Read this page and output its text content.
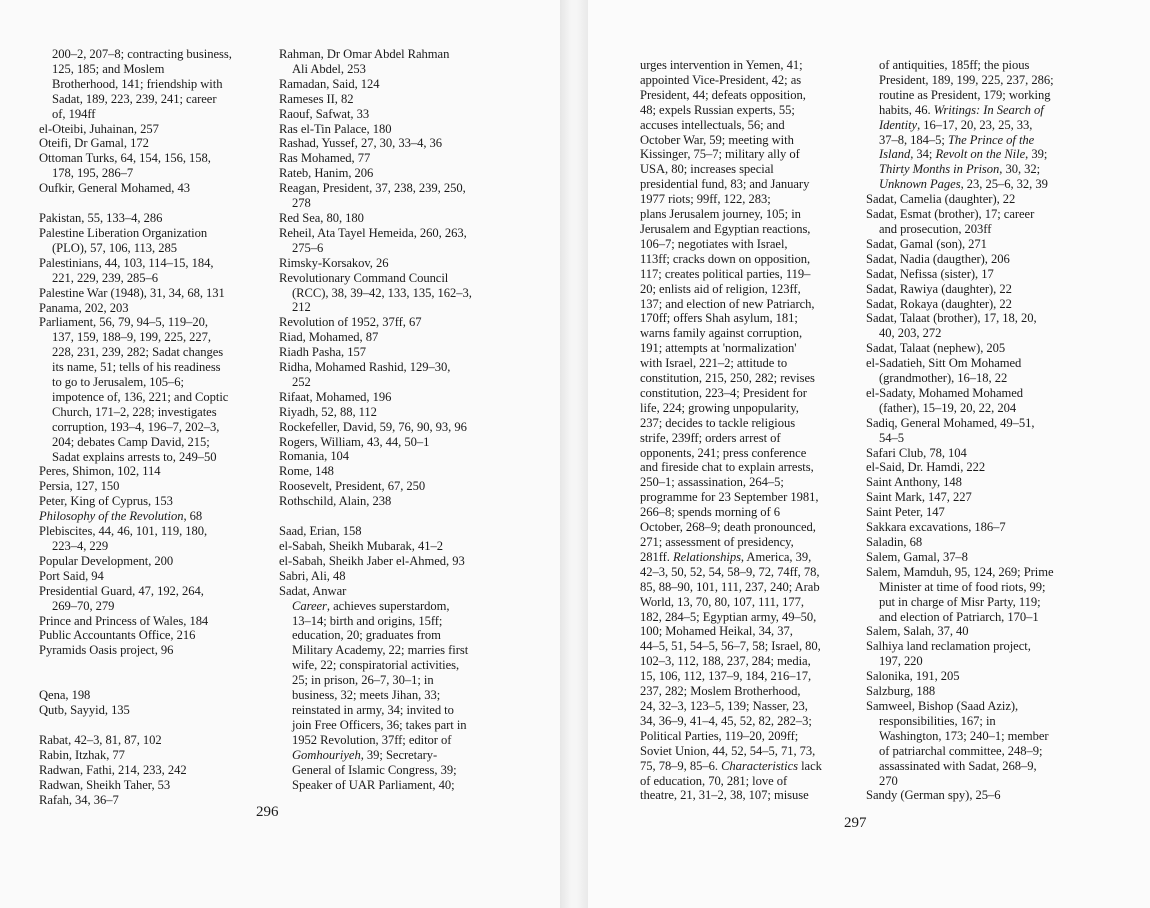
200–2, 207–8; contracting business,
125, 185; and Moslem
Brotherhood, 141; friendship with
Sadat, 189, 223, 239, 241; career
of, 194ff
el-Oteibi, Juhainan, 257
Oteifi, Dr Gamal, 172
Ottoman Turks, 64, 154, 156, 158,
178, 195, 286–7
Oufkir, General Mohamed, 43
Pakistan, 55, 133–4, 286
Palestine Liberation Organization
(PLO), 57, 106, 113, 285
Palestinians, 44, 103, 114–15, 184,
221, 229, 239, 285–6
Palestine War (1948), 31, 34, 68, 131
Panama, 202, 203
Parliament, 56, 79, 94–5, 119–20,
137, 159, 188–9, 199, 225, 227,
228, 231, 239, 282; Sadat changes
its name, 51; tells of his readiness
to go to Jerusalem, 105–6;
impotence of, 136, 221; and Coptic
Church, 171–2, 228; investigates
corruption, 193–4, 196–7, 202–3,
204; debates Camp David, 215;
Sadat explains arrests to, 249–50
Peres, Shimon, 102, 114
Persia, 127, 150
Peter, King of Cyprus, 153
Philosophy of the Revolution, 68
Plebiscites, 44, 46, 101, 119, 180,
223–4, 229
Popular Development, 200
Port Said, 94
Presidential Guard, 47, 192, 264,
269–70, 279
Prince and Princess of Wales, 184
Public Accountants Office, 216
Pyramids Oasis project, 96
Qena, 198
Qutb, Sayyid, 135
Rabat, 42–3, 81, 87, 102
Rabin, Itzhak, 77
Radwan, Fathi, 214, 233, 242
Radwan, Sheikh Taher, 53
Rafah, 34, 36–7
Rahman, Dr Omar Abdel Rahman
Ali Abdel, 253
Ramadan, Said, 124
Rameses II, 82
Raouf, Safwat, 33
Ras el-Tin Palace, 180
Rashad, Yussef, 27, 30, 33–4, 36
Ras Mohamed, 77
Rateb, Hanim, 206
Reagan, President, 37, 238, 239, 250,
278
Red Sea, 80, 180
Reheil, Ata Tayel Hemeida, 260, 263,
275–6
Rimsky-Korsakov, 26
Revolutionary Command Council
(RCC), 38, 39–42, 133, 135, 162–3,
212
Revolution of 1952, 37ff, 67
Riad, Mohamed, 87
Riadh Pasha, 157
Ridha, Mohamed Rashid, 129–30,
252
Rifaat, Mohamed, 196
Riyadh, 52, 88, 112
Rockefeller, David, 59, 76, 90, 93, 96
Rogers, William, 43, 44, 50–1
Romania, 104
Rome, 148
Roosevelt, President, 67, 250
Rothschild, Alain, 238
Saad, Erian, 158
el-Sabah, Sheikh Mubarak, 41–2
el-Sabah, Sheikh Jaber el-Ahmed, 93
Sabri, Ali, 48
Sadat, Anwar
Career, achieves superstardom,
13–14; birth and origins, 15ff;
education, 20; graduates from
Military Academy, 22; marries first
wife, 22; conspiratorial activities,
25; in prison, 26–7, 30–1; in
business, 32; meets Jihan, 33;
reinstated in army, 34; invited to
join Free Officers, 36; takes part in
1952 Revolution, 37ff; editor of
Gomhouriyeh, 39; Secretary-
General of Islamic Congress, 39;
Speaker of UAR Parliament, 40;
296
urges intervention in Yemen, 41;
appointed Vice-President, 42; as
President, 44; defeats opposition,
48; expels Russian experts, 55;
accuses intellectuals, 56; and
October War, 59; meeting with
Kissinger, 75–7; military ally of
USA, 80; increases special
presidential fund, 83; and January
1977 riots; 99ff, 122, 283;
plans Jerusalem journey, 105; in
Jerusalem and Egyptian reactions,
106–7; negotiates with Israel,
113ff; cracks down on opposition,
117; creates political parties, 119–
20; enlists aid of religion, 123ff,
137; and election of new Patriarch,
170ff; offers Shah asylum, 181;
warns family against corruption,
191; attempts at 'normalization'
with Israel, 221–2; attitude to
constitution, 215, 250, 282; revises
constitution, 223–4; President for
life, 224; growing unpopularity,
237; decides to tackle religious
strife, 239ff; orders arrest of
opponents, 241; press conference
and fireside chat to explain arrests,
250–1; assassination, 264–5;
programme for 23 September 1981,
266–8; spends morning of 6
October, 268–9; death pronounced,
271; assessment of presidency,
281ff. Relationships, America, 39,
42–3, 50, 52, 54, 58–9, 72, 74ff, 78,
85, 88–90, 101, 111, 237, 240; Arab
World, 13, 70, 80, 107, 111, 177,
182, 284–5; Egyptian army, 49–50,
100; Mohamed Heikal, 34, 37,
44–5, 51, 54–5, 56–7, 58; Israel, 80,
102–3, 112, 188, 237, 284; media,
15, 106, 112, 137–9, 184, 216–17,
237, 282; Moslem Brotherhood,
24, 32–3, 123–5, 139; Nasser, 23,
34, 36–9, 41–4, 45, 52, 82, 282–3;
Political Parties, 119–20, 209ff;
Soviet Union, 44, 52, 54–5, 71, 73,
75, 78–9, 85–6. Characteristics lack
of education, 70, 281; love of
theatre, 21, 31–2, 38, 107; misuse
of antiquities, 185ff; the pious
President, 189, 199, 225, 237, 286;
routine as President, 179; working
habits, 46. Writings: In Search of
Identity, 16–17, 20, 23, 25, 33,
37–8, 184–5; The Prince of the
Island, 34; Revolt on the Nile, 39;
Thirty Months in Prison, 30, 32;
Unknown Pages, 23, 25–6, 32, 39
Sadat, Camelia (daughter), 22
Sadat, Esmat (brother), 17; career
and prosecution, 203ff
Sadat, Gamal (son), 271
Sadat, Nadia (daugther), 206
Sadat, Nefissa (sister), 17
Sadat, Rawiya (daughter), 22
Sadat, Rokaya (daughter), 22
Sadat, Talaat (brother), 17, 18, 20,
40, 203, 272
Sadat, Talaat (nephew), 205
el-Sadatieh, Sitt Om Mohamed
(grandmother), 16–18, 22
el-Sadaty, Mohamed Mohamed
(father), 15–19, 20, 22, 204
Sadiq, General Mohamed, 49–51,
54–5
Safari Club, 78, 104
el-Said, Dr. Hamdi, 222
Saint Anthony, 148
Saint Mark, 147, 227
Saint Peter, 147
Sakkara excavations, 186–7
Saladin, 68
Salem, Gamal, 37–8
Salem, Mamduh, 95, 124, 269; Prime
Minister at time of food riots, 99;
put in charge of Misr Party, 119;
and election of Patriarch, 170–1
Salem, Salah, 37, 40
Salhiya land reclamation project,
197, 220
Salonika, 191, 205
Salzburg, 188
Samweel, Bishop (Saad Aziz),
responsibilities, 167; in
Washington, 173; 240–1; member
of patriarchal committee, 248–9;
assassinated with Sadat, 268–9,
270
Sandy (German spy), 25–6
297
